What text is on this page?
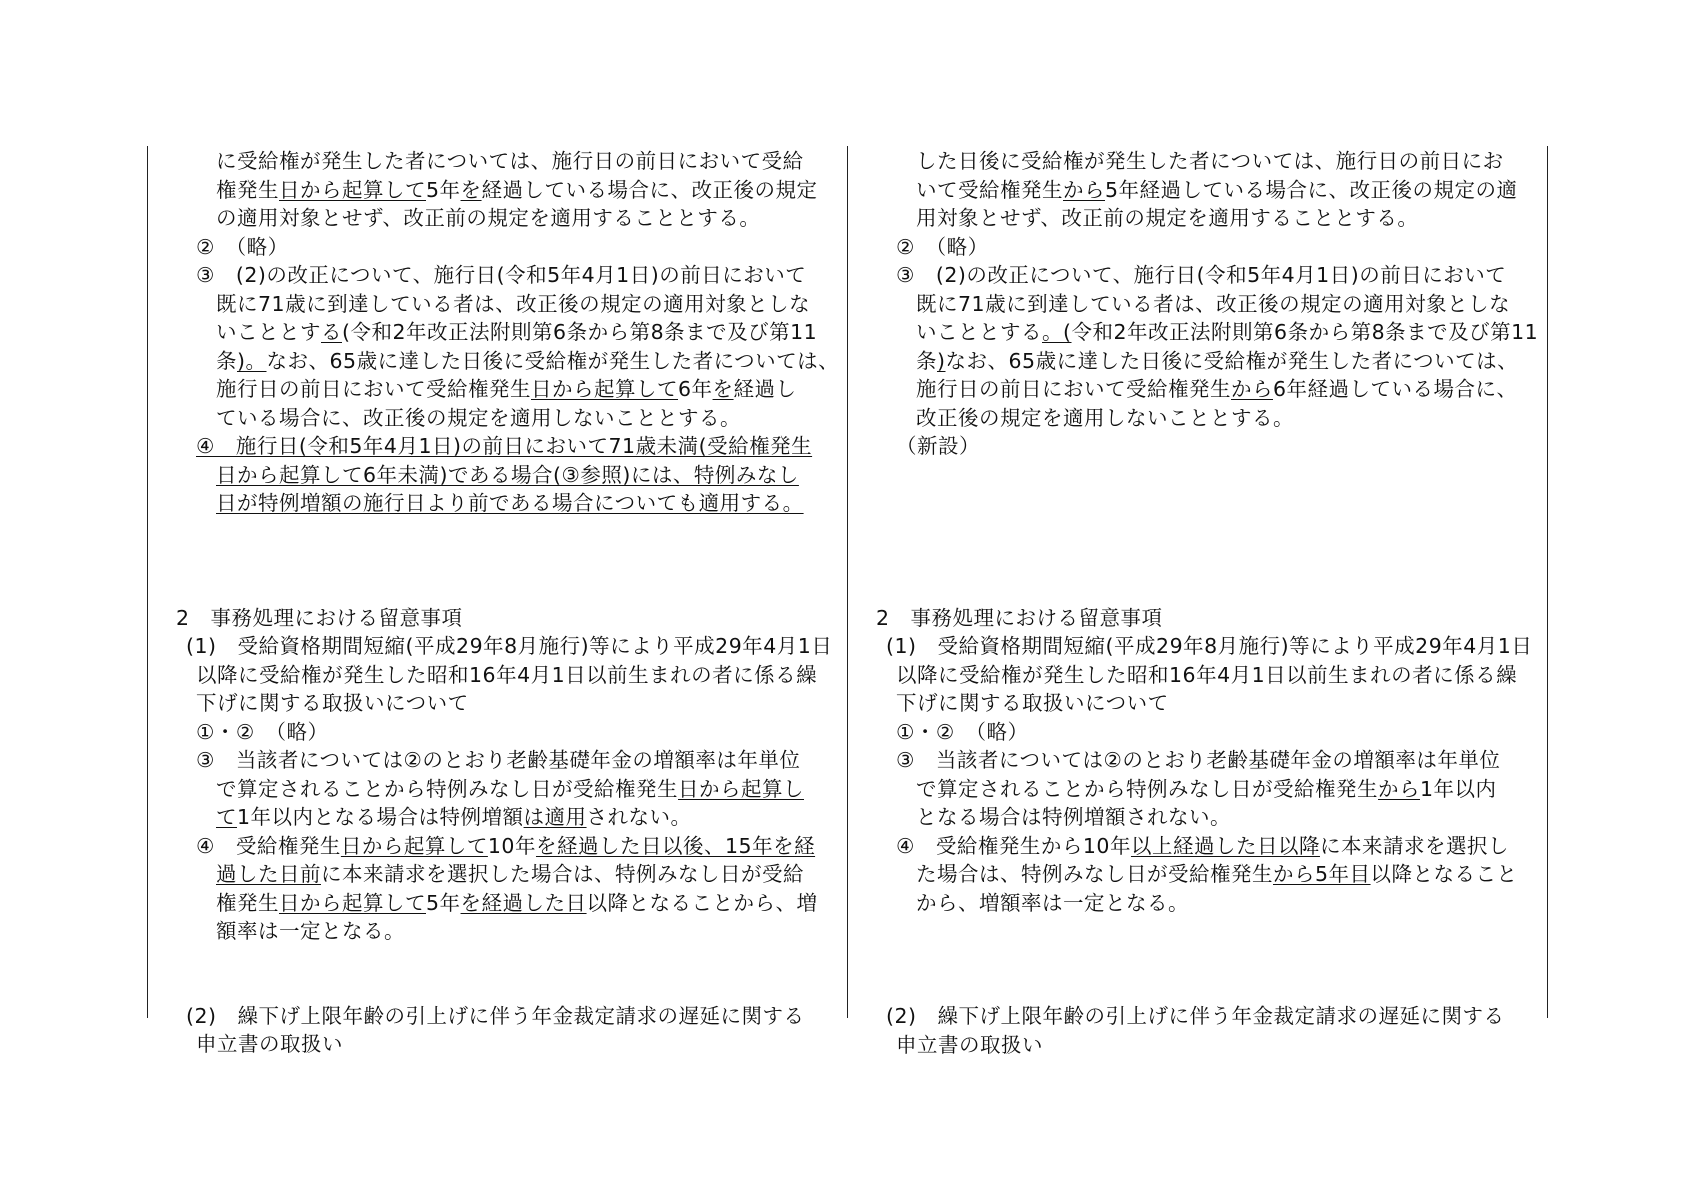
に受給権が発生した者については、施行日の前日において受給
権発生日から起算して5年を経過している場合に、改正後の規定
の適用対象とせず、改正前の規定を適用することとする。
②　（略）
③　(2)の改正について、施行日(令和5年4月1日)の前日において
既に71歳に到達している者は、改正後の規定の適用対象としな
いこととする(令和2年改正法附則第6条から第8条まで及び第11
条)。なお、65歳に達した日後に受給権が発生した者については、
施行日の前日において受給権発生日から起算して6年を経過し
ている場合に、改正後の規定を適用しないこととする。
④　施行日(令和5年4月1日)の前日において71歳未満(受給権発生
日から起算して6年未満)である場合(③参照)には、特例みなし
日が特例増額の施行日より前である場合についても適用する。
2　事務処理における留意事項
(1)　受給資格期間短縮(平成29年8月施行)等により平成29年4月1日
以降に受給権が発生した昭和16年4月1日以前生まれの者に係る繰
下げに関する取扱いについて
①・②　（略）
③　当該者については②のとおり老齢基礎年金の増額率は年単位
で算定されることから特例みなし日が受給権発生日から起算し
て1年以内となる場合は特例増額は適用されない。
④　受給権発生日から起算して10年を経過した日以後、15年を経
過した日前に本来請求を選択した場合は、特例みなし日が受給
権発生日から起算して5年を経過した日以降となることから、増
額率は一定となる。
(2)　繰下げ上限年齢の引上げに伴う年金裁定請求の遅延に関する
申立書の取扱い
した日後に受給権が発生した者については、施行日の前日にお
いて受給権発生から5年経過している場合に、改正後の規定の適
用対象とせず、改正前の規定を適用することとする。
②　（略）
③　(2)の改正について、施行日(令和5年4月1日)の前日において
既に71歳に到達している者は、改正後の規定の適用対象としな
いこととする。(令和2年改正法附則第6条から第8条まで及び第11
条)なお、65歳に達した日後に受給権が発生した者については、
施行日の前日において受給権発生から6年経過している場合に、
改正後の規定を適用しないこととする。
（新設）
2　事務処理における留意事項
(1)　受給資格期間短縮(平成29年8月施行)等により平成29年4月1日
以降に受給権が発生した昭和16年4月1日以前生まれの者に係る繰
下げに関する取扱いについて
①・②　（略）
③　当該者については②のとおり老齢基礎年金の増額率は年単位
で算定されることから特例みなし日が受給権発生から1年以内
となる場合は特例増額されない。
④　受給権発生から10年以上経過した日以降に本来請求を選択し
た場合は、特例みなし日が受給権発生から5年目以降となること
から、増額率は一定となる。
(2)　繰下げ上限年齢の引上げに伴う年金裁定請求の遅延に関する
申立書の取扱い
